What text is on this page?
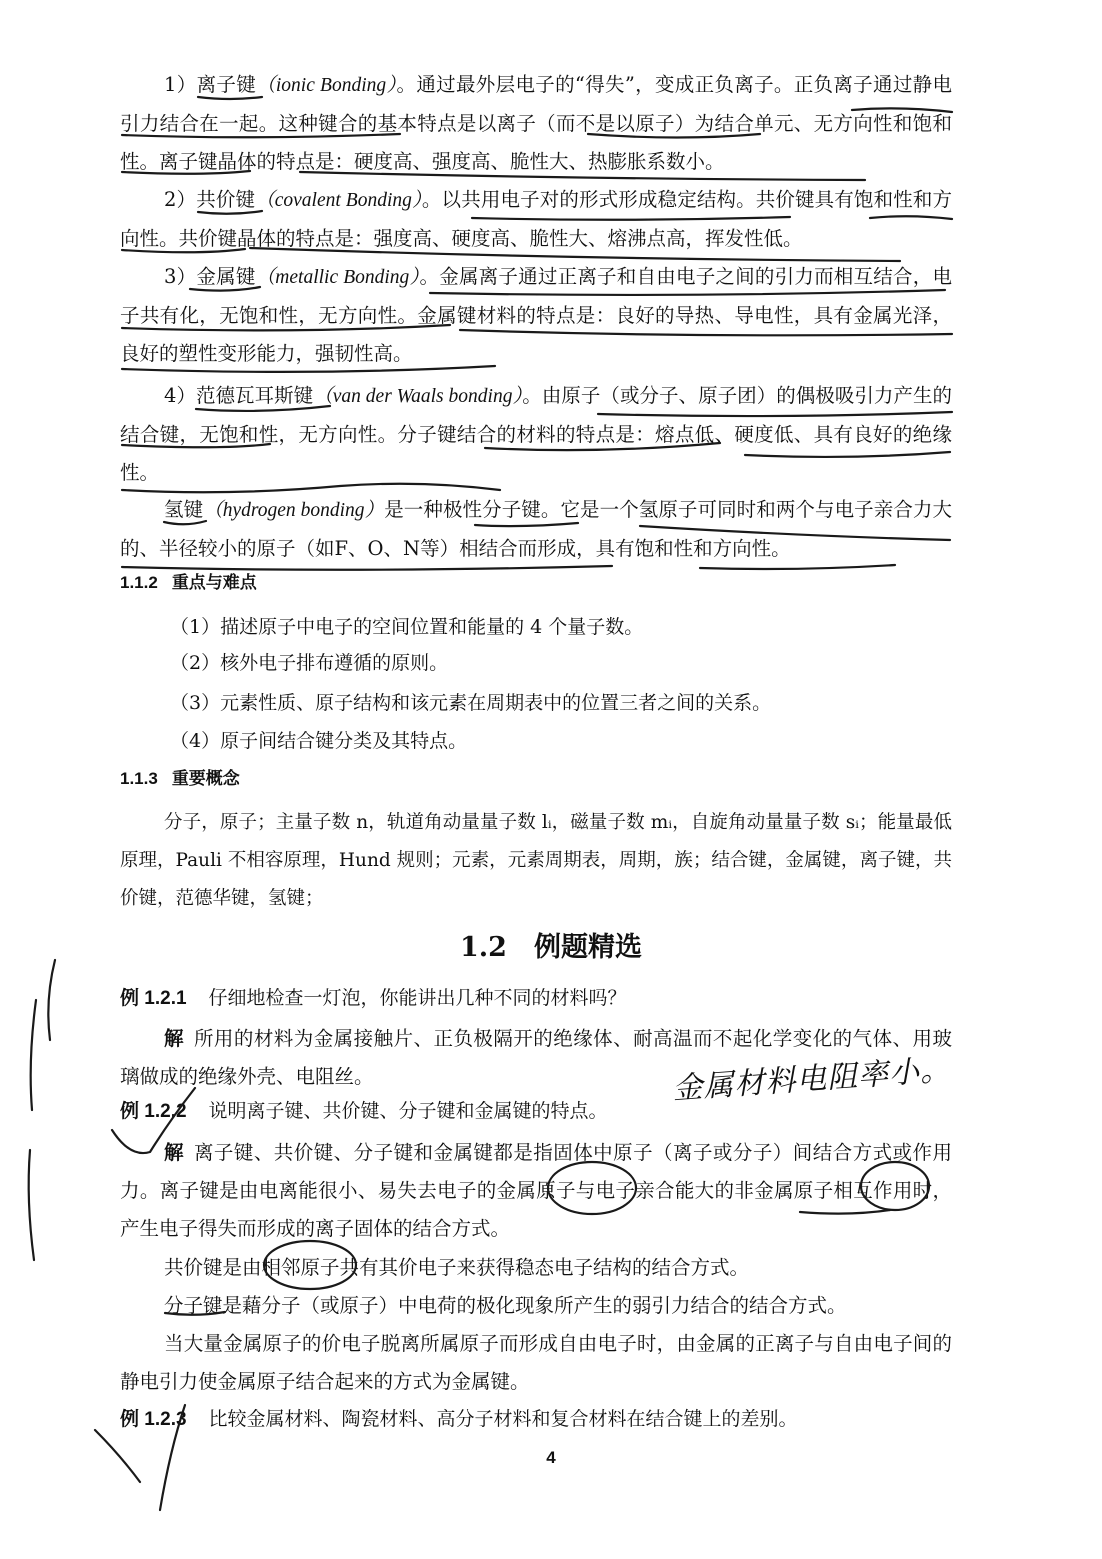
1）离子键（ionic Bonding）。通过最外层电子的“得失”，变成正负离子。正负离子通过静电引力结合在一起。这种键合的基本特点是以离子（而不是以原子）为结合单元、无方向性和饱和性。离子键晶体的特点是：硬度高、强度高、脆性大、热膨胀系数小。
2）共价键（covalent Bonding）。以共用电子对的形式形成稳定结构。共价键具有饱和性和方向性。共价键晶体的特点是：强度高、硬度高、脆性大、熔沸点高，挥发性低。
3）金属键（metallic Bonding）。金属离子通过正离子和自由电子之间的引力而相互结合，电子共有化，无饱和性，无方向性。金属键材料的特点是：良好的导热、导电性，具有金属光泽，良好的塑性变形能力，强韧性高。
4）范德瓦耳斯键（van der Waals bonding）。由原子（或分子、原子团）的偶极吸引力产生的结合键，无饱和性，无方向性。分子键结合的材料的特点是：熔点低、硬度低、具有良好的绝缘性。
氢键（hydrogen bonding）是一种极性分子键。它是一个氢原子可同时和两个与电子亲合力大的、半径较小的原子（如F、O、N等）相结合而形成，具有饱和性和方向性。
1.1.2 重点与难点
（1）描述原子中电子的空间位置和能量的 4 个量子数。
（2）核外电子排布遵循的原则。
（3）元素性质、原子结构和该元素在周期表中的位置三者之间的关系。
（4）原子间结合键分类及其特点。
1.1.3 重要概念
分子，原子；主量子数 n，轨道角动量量子数 lᵢ，磁量子数 mᵢ，自旋角动量量子数 sᵢ；能量最低原理，Pauli 不相容原理，Hund 规则；元素，元素周期表，周期，族；结合键，金属键，离子键，共价键，范德华键，氢键；
1.2　例题精选
例 1.2.1 仔细地检查一灯泡，你能讲出几种不同的材料吗？
解 所用的材料为金属接触片、正负极隔开的绝缘体、耐高温而不起化学变化的气体、用玻璃做成的绝缘外壳、电阻丝。	金属材料电阻率小。
例 1.2.2 说明离子键、共价键、分子键和金属键的特点。
解 离子键、共价键、分子键和金属键都是指固体中原子（离子或分子）间结合方式或作用力。离子键是由电离能很小、易失去电子的金属原子与电子亲合能大的非金属原子相互作用时，产生电子得失而形成的离子固体的结合方式。
共价键是由相邻原子共有其价电子来获得稳态电子结构的结合方式。
分子键是藉分子（或原子）中电荷的极化现象所产生的弱引力结合的结合方式。
当大量金属原子的价电子脱离所属原子而形成自由电子时，由金属的正离子与自由电子间的静电引力使金属原子结合起来的方式为金属键。
例 1.2.3 比较金属材料、陶瓷材料、高分子材料和复合材料在结合键上的差别。
4
